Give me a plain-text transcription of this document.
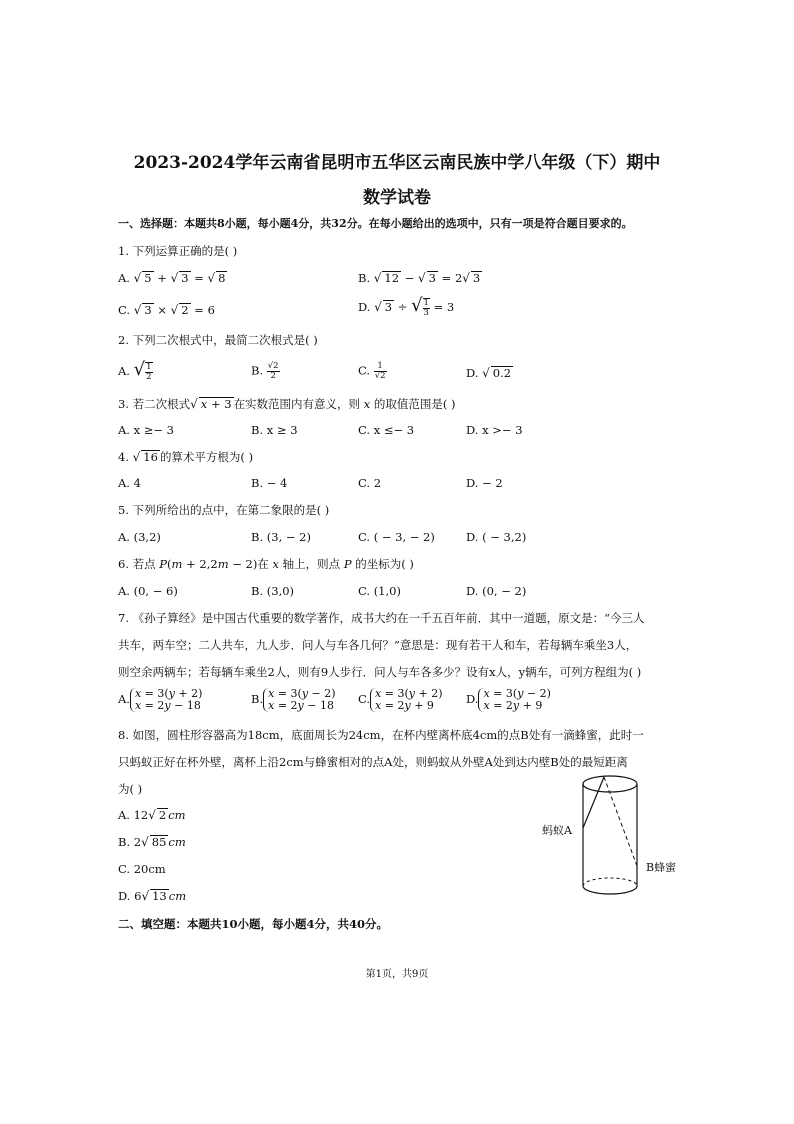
2023-2024学年云南省昆明市五华区云南民族中学八年级（下）期中
数学试卷
一、选择题：本题共8小题，每小题4分，共32分。在每小题给出的选项中，只有一项是符合题目要求的。
1. 下列运算正确的是( )
A. √ 5 + √ 3 = √ 8	B. √ 12 − √ 3 = 2√ 3
C. √ 3 × √ 2 = 6	D. √ 3 ÷ √ $\frac{1}{3} = 3$
2. 下列二次根式中，最简二次根式是( )
A. √ $\frac{1}{2}$	B. $\frac{√2}{2}$	C. $\frac{1}{√2}$	D. √ 0.2
3. 若二次根式√ x + 3 在实数范围内有意义，则 x 的取值范围是( )
A. x ≥− 3	B. x ≥ 3	C. x ≤− 3	D. x >− 3
4. √ 16 的算术平方根为( )
A. 4	B. − 4	C. 2	D. − 2
5. 下列所给出的点中，在第二象限的是( )
A. (3,2)	B. (3, − 2)	C. ( − 3, − 2)	D. ( − 3,2)
6. 若点 P(m + 2,2m − 2)在 x 轴上，则点 P 的坐标为( )
A. (0, − 6)	B. (3,0)	C. (1,0)	D. (0, − 2)
7. 《孙子算经》是中国古代重要的数学著作，成书大约在一千五百年前．其中一道题，原文是：“今三人
共车，两车空；二人共车，九人步．问人与车各几何？”意思是：现有若干人和车，若每辆车乘坐3人，
则空余两辆车；若每辆车乘坐2人，则有9人步行．问人与车各多少？设有x人，y辆车，可列方程组为( )
A. x = 3(y + 2)
x = 2y − 18	B. x = 3(y − 2)
x = 2y − 18 C. x = 3(y + 2)
x = 2y + 9	D. x = 3(y − 2)
x = 2y + 9
8. 如图，圆柱形容器高为18cm，底面周长为24cm，在杯内壁离杯底4cm的点B处有一滴蜂蜜，此时一
只蚂蚁正好在杯外壁，离杯上沿2cm与蜂蜜相对的点A处，则蚂蚁从外壁A处到达内壁B处的最短距离
为( )
A. 12√ 2 cm
B. 2√ 85 cm
C. 20cm
D. 6√ 13 cm
蚂蚁A
B蜂蜜
二、填空题：本题共10小题，每小题4分，共40分。
第1页，共9页
